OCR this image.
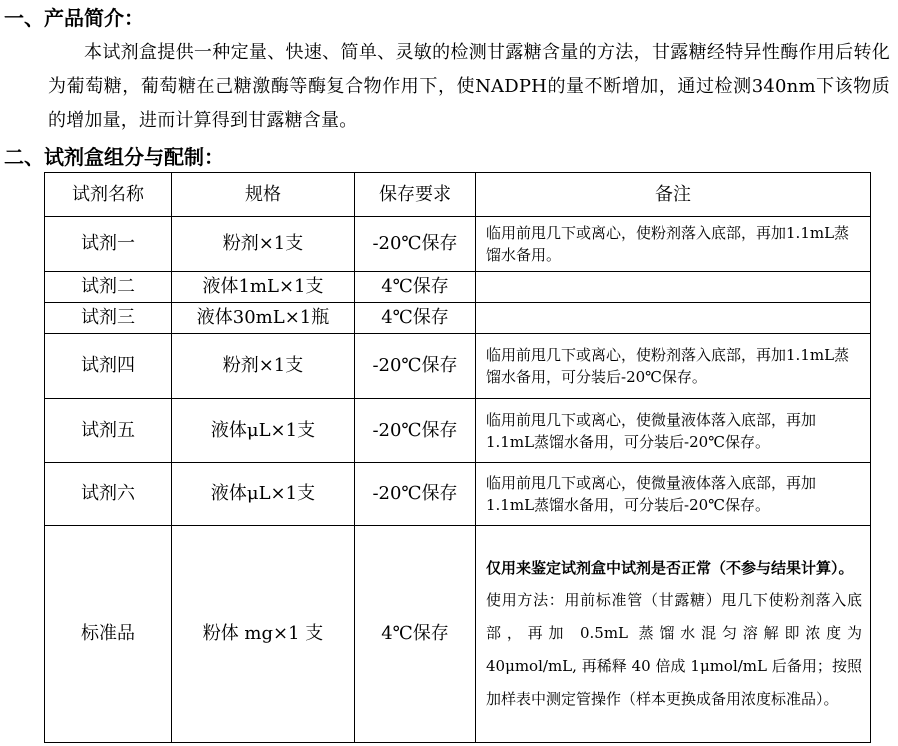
一、产品简介：
本试剂盒提供一种定量、快速、简单、灵敏的检测甘露糖含量的方法，甘露糖经特异性酶作用后转化为葡萄糖，葡萄糖在己糖激酶等酶复合物作用下，使NADPH的量不断增加，通过检测340nm下该物质的增加量，进而计算得到甘露糖含量。
二、试剂盒组分与配制：
试剂名称	规格	保存要求	备注
试剂一	粉剂×1支	-20℃保存	临用前甩几下或离心，使粉剂落入底部，再加1.1mL蒸馏水备用。
试剂二	液体1mL×1支	4℃保存	
试剂三	液体30mL×1瓶	4℃保存	
试剂四	粉剂×1支	-20℃保存	临用前甩几下或离心，使粉剂落入底部，再加1.1mL蒸馏水备用，可分装后-20℃保存。
试剂五	液体μL×1支	-20℃保存	临用前甩几下或离心，使微量液体落入底部，再加1.1mL蒸馏水备用，可分装后-20℃保存。
试剂六	液体μL×1支	-20℃保存	临用前甩几下或离心，使微量液体落入底部，再加1.1mL蒸馏水备用，可分装后-20℃保存。
标准品	粉体 mg×1 支	4℃保存	仅用来鉴定试剂盒中试剂是否正常（不参与结果计算）。
使用方法：用前标准管（甘露糖）甩几下使粉剂落入底部，再加 0.5mL 蒸馏水混匀溶解即浓度为 40μmol/mL, 再稀释 40 倍成 1μmol/mL 后备用；按照加样表中测定管操作（样本更换成备用浓度标准品）。
